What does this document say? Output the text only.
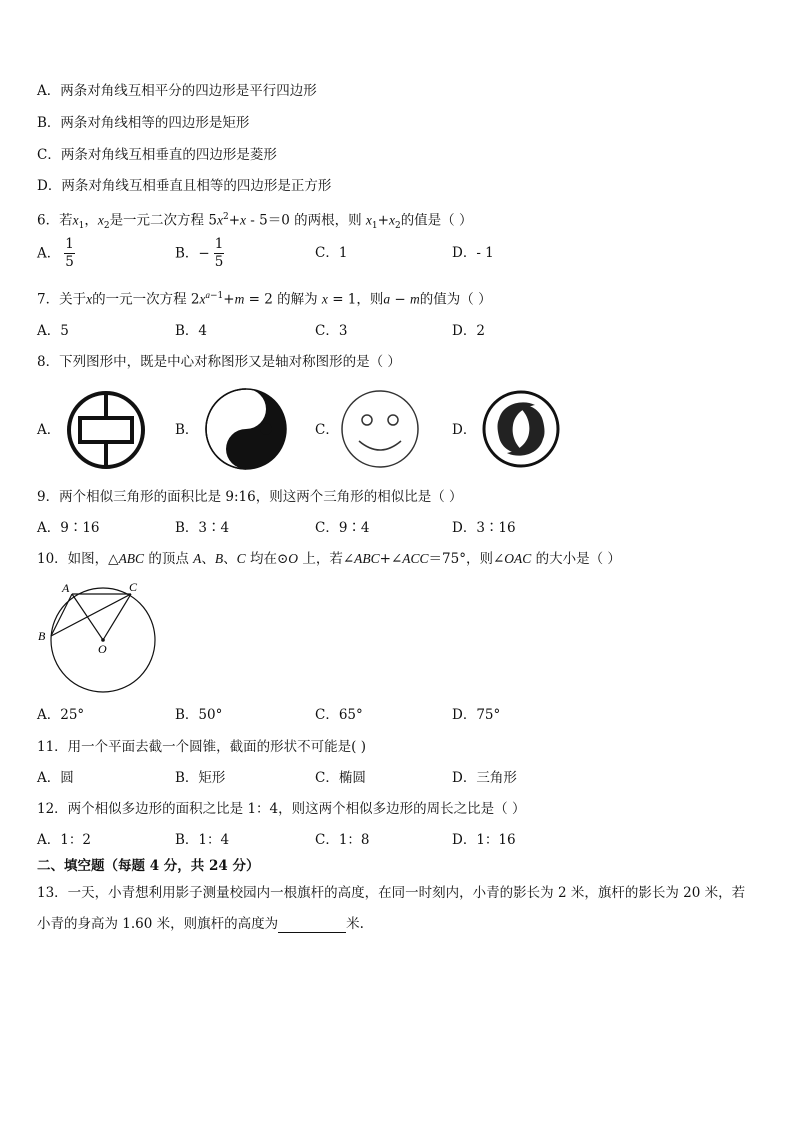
A．两条对角线互相平分的四边形是平行四边形
B．两条对角线相等的四边形是矩形
C．两条对角线互相垂直的四边形是菱形
D．两条对角线互相垂直且相等的四边形是正方形
6．若$x_1$，$x_2$是一元二次方程 $5x^2+x - 5=0$ 的两根，则 $x_1+x_2$的值是（ ）
A． $\frac{1}{5}$	B．− $\frac{1}{5}$	C．1	D．- 1
7．关于x的一元一次方程 $2x^{a-1}+m = 2$ 的解为 x = 1，则a − m的值为（ ）
A．5	B．4	C．3	D．2
8．下列图形中，既是中心对称图形又是轴对称图形的是（ ）
A．	B．	C．	D．
9．两个相似三角形的面积比是 9:16，则这两个三角形的相似比是（ ）
A．9∶16	B．3∶4	C．9∶4	D．3∶16
10．如图，△ABC 的顶点 A、B、C 均在⊙O 上，若∠ABC+∠ACC＝75°，则∠OAC 的大小是（ ）
A	C
B
O
A．25°	B．50°	C．65°	D．75°
11．用一个平面去截一个圆锥，截面的形状不可能是( )
A．圆	B．矩形	C．椭圆	D．三角形
12．两个相似多边形的面积之比是 1：4，则这两个相似多边形的周长之比是（ ）
A．1：2	B．1：4	C．1：8	D．1：16
二、填空题（每题 4 分，共 24 分）
13．一天，小青想利用影子测量校园内一根旗杆的高度，在同一时刻内，小青的影长为 2 米，旗杆的影长为 20 米，若
小青的身高为 1.60 米，则旗杆的高度为	米.
